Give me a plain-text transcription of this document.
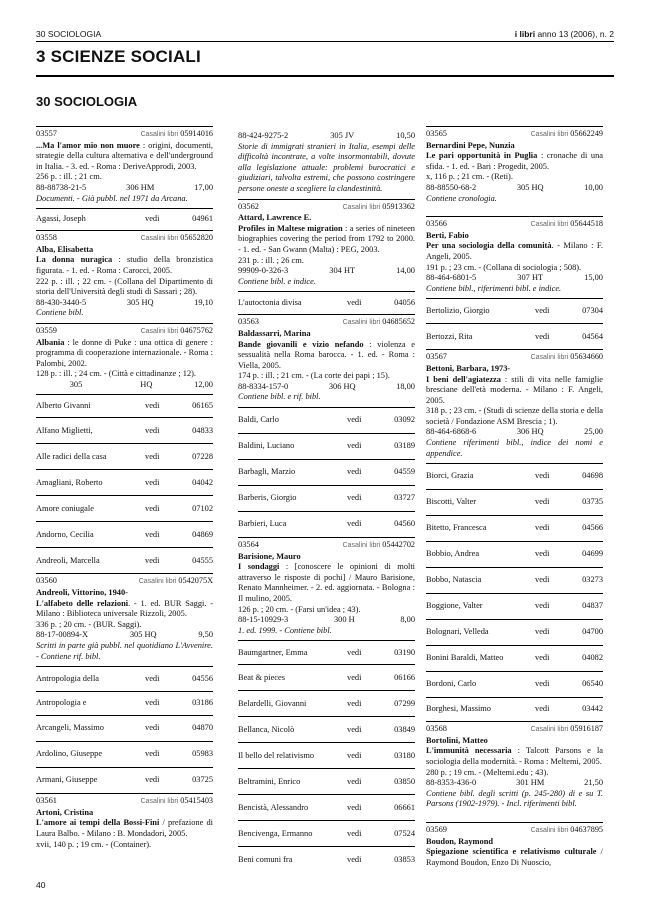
30 SOCIOLOGIA	i libri anno 13 (2006), n. 2
3 SCIENZE SOCIALI
30 SOCIOLOGIA
03557	Casalini libri 05914016
...Ma l'amor mio non muore : origini, documenti, strategie della cultura alternativa e dell'underground in Italia. - 3. ed. - Roma : DeriveApprodi, 2003.
256 p. : ill. ; 21 cm.
88-88738-21-5	306 HM	17,00
Documenti. - Già pubbl. nel 1971 da Arcana.
Agassi, Joseph	vedi	04961
03558	Casalini libri 05652820
Alba, Elisabetta
La donna nuragica : studio della bronzistica figurata. - 1. ed. - Roma : Carocci, 2005.
222 p. : ill. ; 22 cm. - (Collana del Dipartimento di storia dell'Università degli studi di Sassari ; 28).
88-430-3440-5	305 HQ	19,10
Contiene bibl.
03559	Casalini libri 04675762
Albania : le donne di Puke : una ottica di genere : programma di cooperazione internazionale. - Roma : Palombi, 2002.
128 p. : ill. ; 24 cm. - (Città e cittadinanze ; 12).
305	HQ	12,00
Alberto Givanni	vedi	06165
Alfano Miglietti,	vedi	04833
Alle radici della casa	vedi	07228
Amagliani, Roberto	vedi	04042
Amore coniugale	vedi	07102
Andorno, Cecilia	vedi	04869
Andreoli, Marcella	vedi	04555
03560	Casalini libri 0542075X
Andreoli, Vittorino, 1940-
L'alfabeto delle relazioni. - 1. ed. BUR Saggi. - Milano : Biblioteca universale Rizzoli, 2005.
336 p. ; 20 cm. - (BUR. Saggi).
88-17-00894-X	305 HQ	9,50
Scritti in parte già pubbl. nel quotidiano L'Avvenire. - Contiene rif. bibl.
Antropologia della	vedi	04556
Antropologia e	vedi	03186
Arcangeli, Massimo	vedi	04870
Ardolino, Giuseppe	vedi	05983
Armani, Giuseppe	vedi	03725
03561	Casalini libri 05415403
Artoni, Cristina
L'amore ai tempi della Bossi-Fini / prefazione di Laura Balbo. - Milano : B. Mondadori, 2005.
xvii, 140 p. ; 19 cm. - (Container).
88-424-9275-2	305 JV	10,50
Storie di immigrati stranieri in Italia, esempi delle difficoltà incontrate, a volte insormontabili, dovute alla legislazione attuale: problemi burocratici e giudiziari, talvolta estremi, che possono costringere persone oneste a scegliere la clandestinità.
03562	Casalini libri 05913362
Attard, Lawrence E.
Profiles in Maltese migration : a series of nineteen biographies covering the period from 1792 to 2000. - 1. ed. - San Gwann (Malta) : PEG, 2003.
231 p. : ill. ; 26 cm.
99909-0-326-3	304 HT	14,00
Contiene bibl. e indice.
L'autoctonia divisa	vedi	04056
03563	Casalini libri 04685652
Baldassarri, Marina
Bande giovanili e vizio nefando : violenza e sessualità nella Roma barocca. - 1. ed. - Roma : Viella, 2005.
174 p. : ill. ; 21 cm. - (La corte dei papi ; 15).
88-8334-157-0	306 HQ	18,00
Contiene bibl. e rif. bibl.
Baldi, Carlo	vedi	03092
Baldini, Luciano	vedi	03189
Barbagli, Marzio	vedi	04559
Barberis, Giorgio	vedi	03727
Barbieri, Luca	vedi	04560
03564	Casalini libri 05442702
Barisione, Mauro
I sondaggi : [conoscere le opinioni di molti attraverso le risposte di pochi] / Mauro Barisione, Renato Mannheimer. - 2. ed. aggiornata. - Bologna : Il mulino, 2005.
126 p. ; 20 cm. - (Farsi un'idea ; 43).
88-15-10929-3	300 H	8,00
1. ed. 1999. - Contiene bibl.
Baumgartner, Emma	vedi	03190
Beat & pieces	vedi	06166
Belardelli, Giovanni	vedi	07299
Bellanca, Nicolò	vedi	03849
Il bello del relativismo	vedi	03180
Beltramini, Enrico	vedi	03850
Bencistà, Alessandro	vedi	06661
Bencivenga, Ermanno	vedi	07524
Beni comuni fra	vedi	03853
03565	Casalini libri 05662249
Bernardini Pepe, Nunzia
Le pari opportunità in Puglia : cronache di una sfida. - 1. ed. - Bari : Progedit, 2005.
x, 116 p. ; 21 cm. - (Reti).
88-88550-68-2	305 HQ	10,00
Contiene cronologia.
03566	Casalini libri 05644518
Berti, Fabio
Per una sociologia della comunità. - Milano : F. Angeli, 2005.
191 p. ; 23 cm. - (Collana di sociologia ; 508).
88-464-6801-5	307 HT	15,00
Contiene bibl., riferimenti bibl. e indice.
Bertolizio, Giorgio	vedi	07304
Bertozzi, Rita	vedi	04564
03567	Casalini libri 05634660
Bettoni, Barbara, 1973-
I beni dell'agiatezza : stili di vita nelle famiglie bresciane dell'età moderna. - Milano : F. Angeli, 2005.
318 p. ; 23 cm. - (Studi di scienze della storia e della società / Fondazione ASM Brescia ; 1).
88-464-6868-6	306 HQ	25,00
Contiene riferimenti bibl., indice dei nomi e appendice.
Biorci, Grazia	vedi	04698
Biscotti, Valter	vedi	03735
Bitetto, Francesca	vedi	04566
Bobbio, Andrea	vedi	04699
Bobbo, Natascia	vedi	03273
Boggione, Valter	vedi	04837
Bolognari, Velleda	vedi	04700
Bonini Baraldi, Matteo	vedi	04082
Bordoni, Carlo	vedi	06540
Borghesi, Massimo	vedi	03442
03568	Casalini libri 05916187
Bortolini, Matteo
L'immunità necessaria : Talcott Parsons e la sociologia della modernità. - Roma : Meltemi, 2005.
280 p. ; 19 cm. - (Meltemi.edu ; 43).
88-8353-436-0	301 HM	21,50
Contiene bibl. degli scritti (p. 245-280) di e su T. Parsons (1902-1979). - Incl. riferimenti bibl.
03569	Casalini libri 04637895
Boudon, Raymond
Spiegazione scientifica e relativismo culturale / Raymond Boudon, Enzo Di Nuoscio,
40
